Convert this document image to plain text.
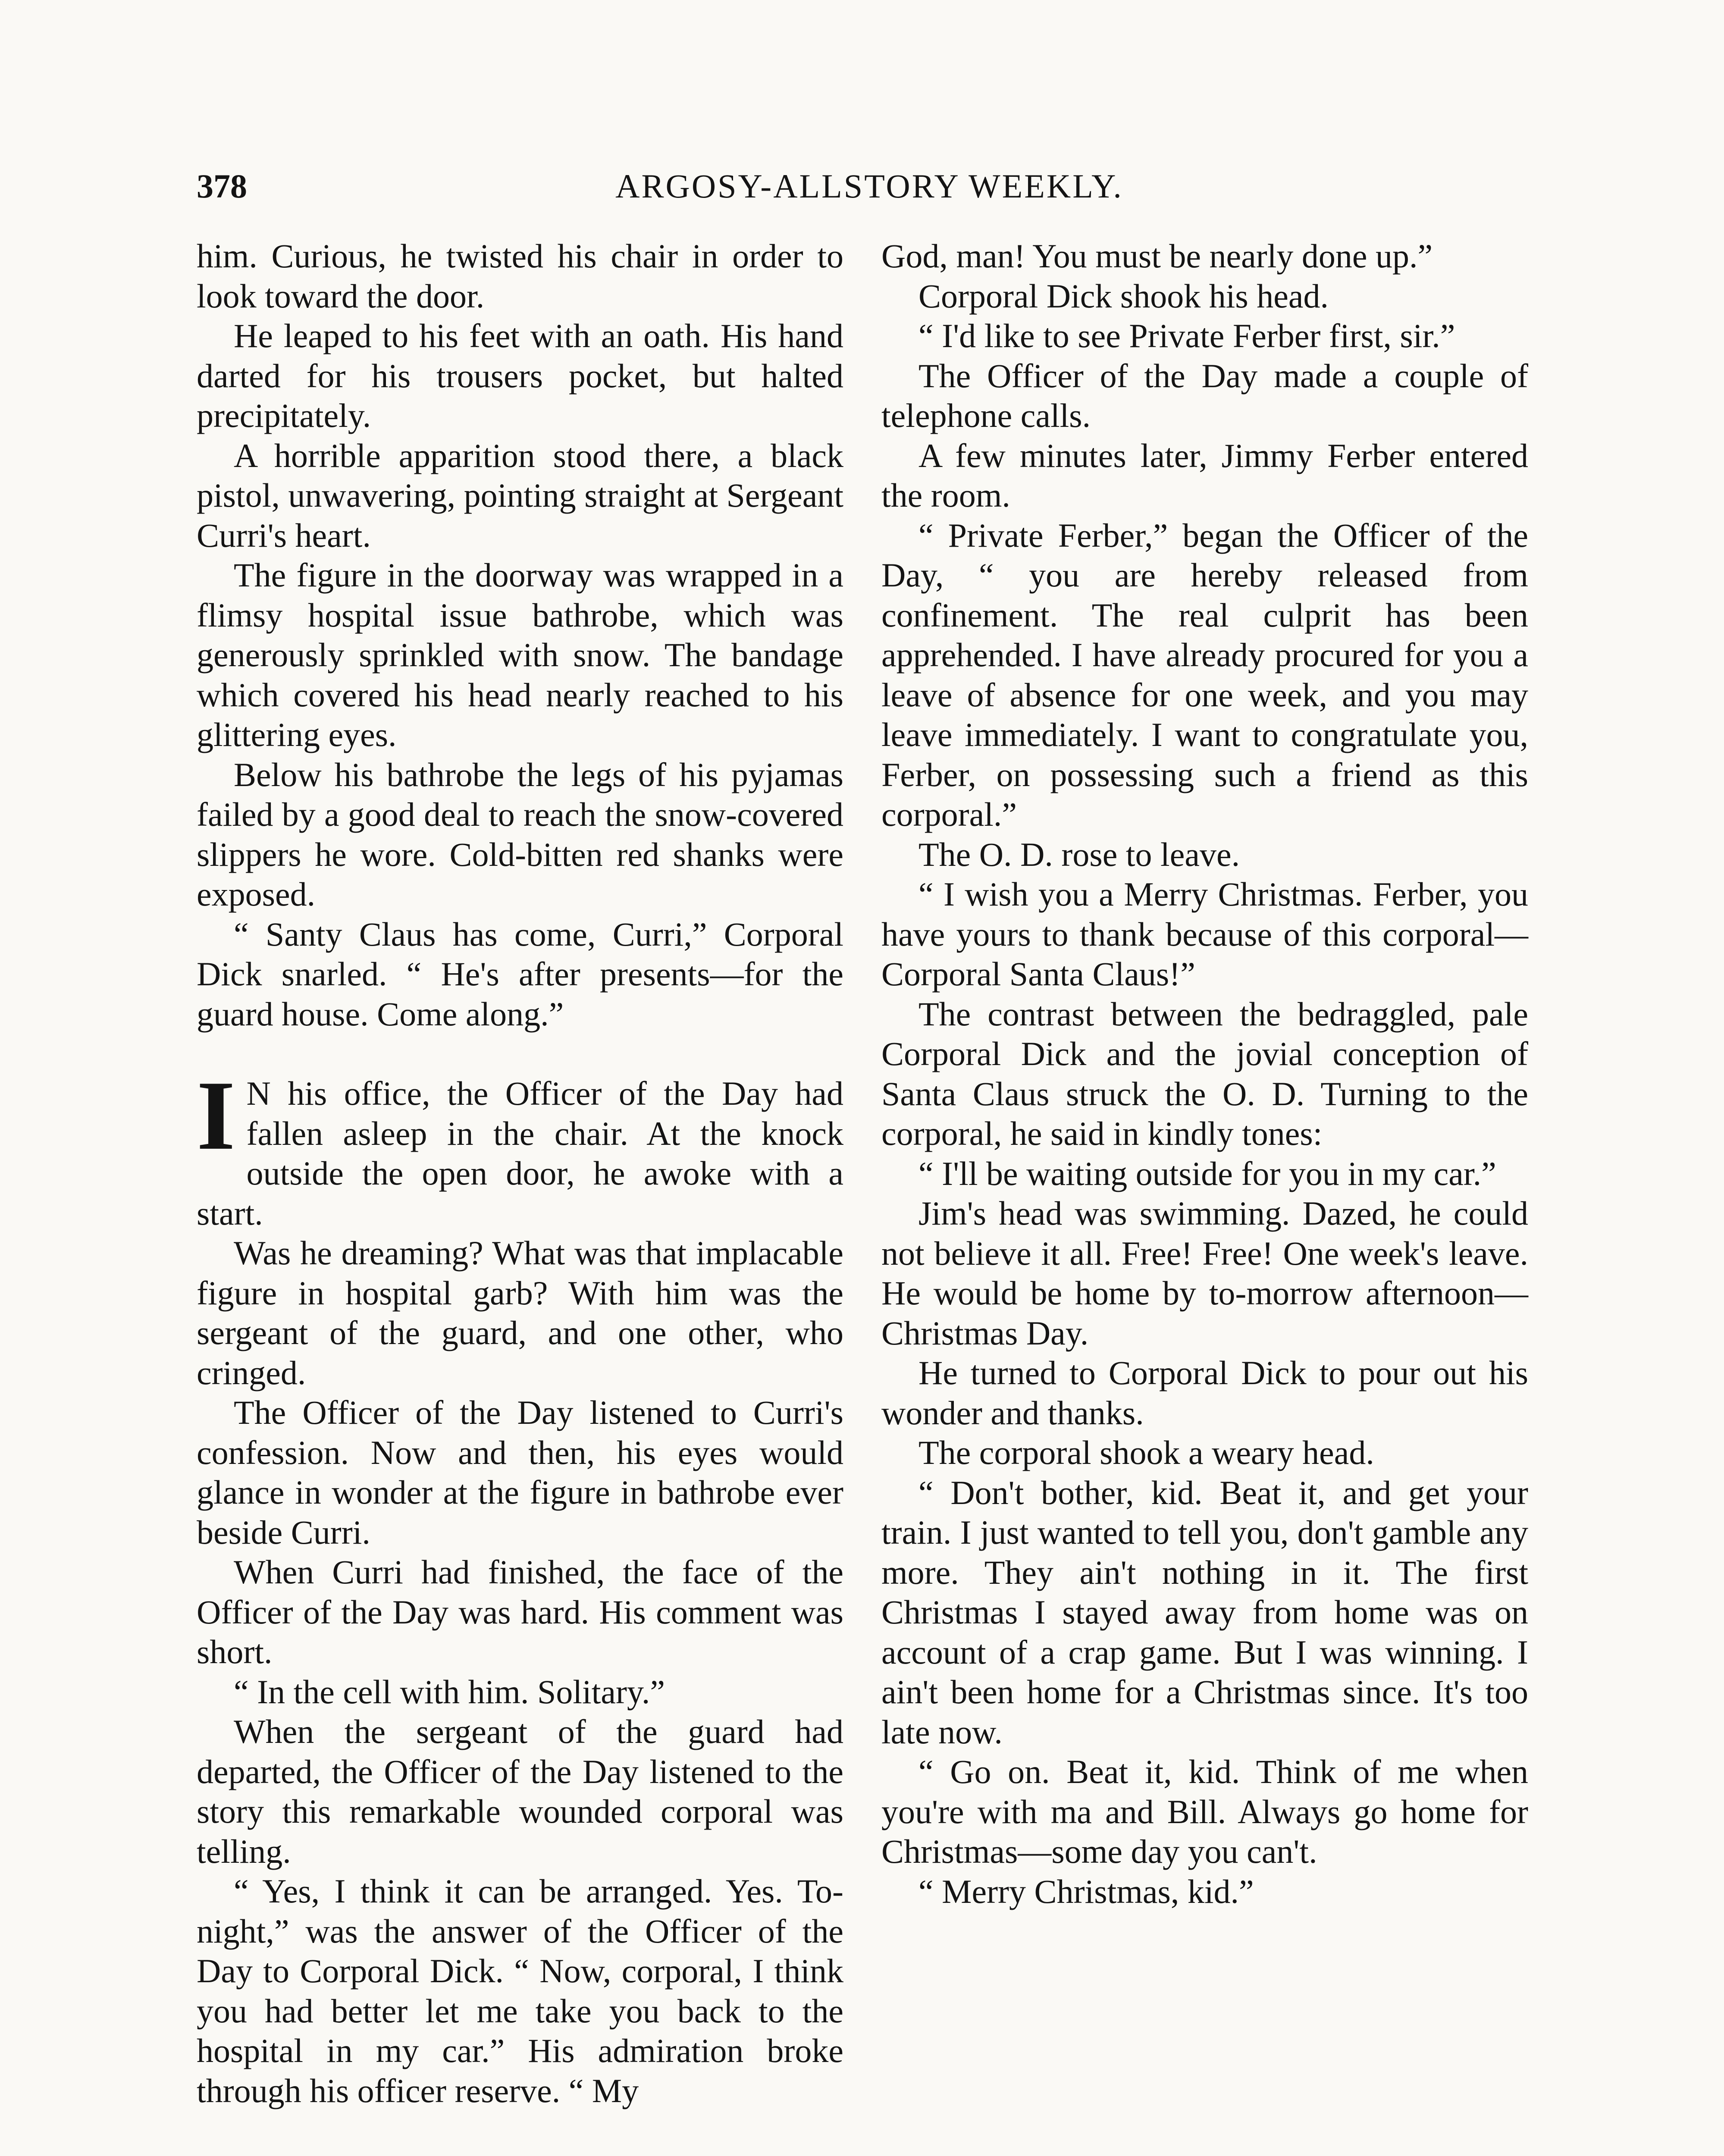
378	ARGOSY-ALLSTORY WEEKLY.

him. Curious, he twisted his chair in order to look toward the door.

He leaped to his feet with an oath. His hand darted for his trousers pocket, but halted precipitately.

A horrible apparition stood there, a black pistol, unwavering, pointing straight at Sergeant Curri's heart.

The figure in the doorway was wrapped in a flimsy hospital issue bathrobe, which was generously sprinkled with snow. The bandage which covered his head nearly reached to his glittering eyes.

Below his bathrobe the legs of his pyjamas failed by a good deal to reach the snow-covered slippers he wore. Cold-bitten red shanks were exposed.

“ Santy Claus has come, Curri,” Corporal Dick snarled. “ He's after presents—for the guard house. Come along.”

I N his office, the Officer of the Day had fallen asleep in the chair. At the knock outside the open door, he awoke with a start.

Was he dreaming? What was that implacable figure in hospital garb? With him was the sergeant of the guard, and one other, who cringed.

The Officer of the Day listened to Curri's confession. Now and then, his eyes would glance in wonder at the figure in bathrobe ever beside Curri.

When Curri had finished, the face of the Officer of the Day was hard. His comment was short.

“ In the cell with him. Solitary.”

When the sergeant of the guard had departed, the Officer of the Day listened to the story this remarkable wounded corporal was telling.

“ Yes, I think it can be arranged. Yes. To-night,” was the answer of the Officer of the Day to Corporal Dick. “ Now, corporal, I think you had better let me take you back to the hospital in my car.” His admiration broke through his officer reserve. “ My

God, man! You must be nearly done up.”

Corporal Dick shook his head.

“ I'd like to see Private Ferber first, sir.”

The Officer of the Day made a couple of telephone calls.

A few minutes later, Jimmy Ferber entered the room.

“ Private Ferber,” began the Officer of the Day, “ you are hereby released from confinement. The real culprit has been apprehended. I have already procured for you a leave of absence for one week, and you may leave immediately. I want to congratulate you, Ferber, on possessing such a friend as this corporal.”

The O. D. rose to leave.

“ I wish you a Merry Christmas. Ferber, you have yours to thank because of this corporal—Corporal Santa Claus!”

The contrast between the bedraggled, pale Corporal Dick and the jovial conception of Santa Claus struck the O. D. Turning to the corporal, he said in kindly tones:

“ I'll be waiting outside for you in my car.”

Jim's head was swimming. Dazed, he could not believe it all. Free! Free! One week's leave. He would be home by to-morrow afternoon—Christmas Day.

He turned to Corporal Dick to pour out his wonder and thanks.

The corporal shook a weary head.

“ Don't bother, kid. Beat it, and get your train. I just wanted to tell you, don't gamble any more. They ain't nothing in it. The first Christmas I stayed away from home was on account of a crap game. But I was winning. I ain't been home for a Christmas since. It's too late now.

“ Go on. Beat it, kid. Think of me when you're with ma and Bill. Always go home for Christmas—some day you can't.

“ Merry Christmas, kid.”
